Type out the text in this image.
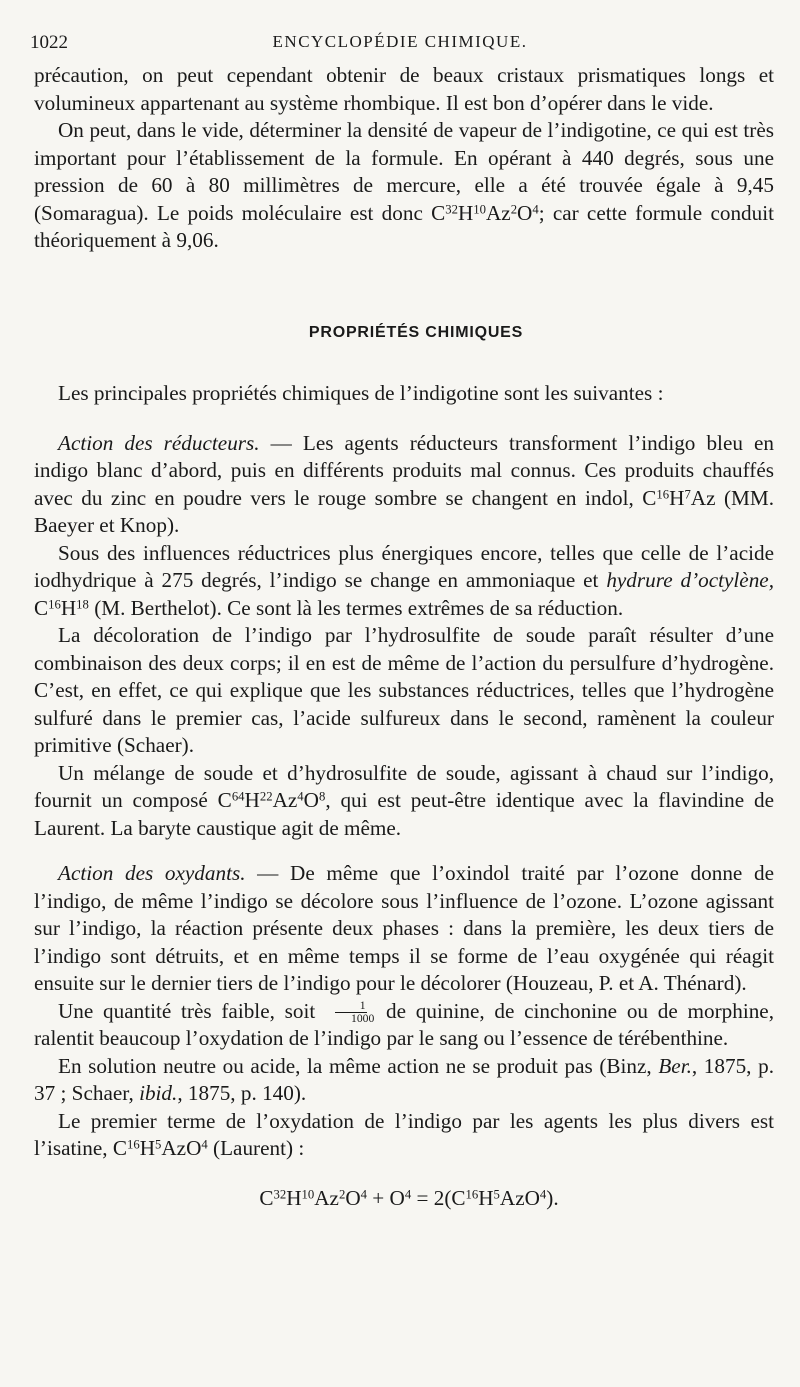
1022	ENCYCLOPÉDIE CHIMIQUE.

précaution, on peut cependant obtenir de beaux cristaux prismatiques longs et volumineux appartenant au système rhombique. Il est bon d’opérer dans le vide.

On peut, dans le vide, déterminer la densité de vapeur de l’indigotine, ce qui est très important pour l’établissement de la formule. En opérant à 440 degrés, sous une pression de 60 à 80 millimètres de mercure, elle a été trouvée égale à 9,45 (Somaragua). Le poids moléculaire est donc $C^{32}H^{10}Az^2O^4$; car cette formule conduit théoriquement à 9,06.

PROPRIÉTÉS CHIMIQUES

Les principales propriétés chimiques de l’indigotine sont les suivantes :

Action des réducteurs. — Les agents réducteurs transforment l’indigo bleu en indigo blanc d’abord, puis en différents produits mal connus. Ces produits chauffés avec du zinc en poudre vers le rouge sombre se changent en indol, $C^{16}H^7Az$ (MM. Baeyer et Knop).

Sous des influences réductrices plus énergiques encore, telles que celle de l’acide iodhydrique à 275 degrés, l’indigo se change en ammoniaque et hydrure d’octylène, $C^{16}H^{18}$ (M. Berthelot). Ce sont là les termes extrêmes de sa réduction.

La décoloration de l’indigo par l’hydrosulfite de soude paraît résulter d’une combinaison des deux corps; il en est de même de l’action du persulfure d’hydrogène. C’est, en effet, ce qui explique que les substances réductrices, telles que l’hydrogène sulfuré dans le premier cas, l’acide sulfureux dans le second, ramènent la couleur primitive (Schaer).

Un mélange de soude et d’hydrosulfite de soude, agissant à chaud sur l’indigo, fournit un composé $C^{64}H^{22}Az^4O^8$, qui est peut-être identique avec la flavindine de Laurent. La baryte caustique agit de même.

Action des oxydants. — De même que l’oxindol traité par l’ozone donne de l’indigo, de même l’indigo se décolore sous l’influence de l’ozone. L’ozone agissant sur l’indigo, la réaction présente deux phases : dans la première, les deux tiers de l’indigo sont détruits, et en même temps il se forme de l’eau oxygénée qui réagit ensuite sur le dernier tiers de l’indigo pour le décolorer (Houzeau, P. et A. Thénard).

Une quantité très faible, soit $\frac{1}{1000}$ de quinine, de cinchonine ou de morphine, ralentit beaucoup l’oxydation de l’indigo par le sang ou l’essence de térébenthine.

En solution neutre ou acide, la même action ne se produit pas (Binz, Ber., 1875, p. 37 ; Schaer, ibid., 1875, p. 140).

Le premier terme de l’oxydation de l’indigo par les agents les plus divers est l’isatine, $C^{16}H^5AzO^4$ (Laurent) :

$C^{32}H^{10}Az^2O^4 + O^4 = 2(C^{16}H^5AzO^4)$.
